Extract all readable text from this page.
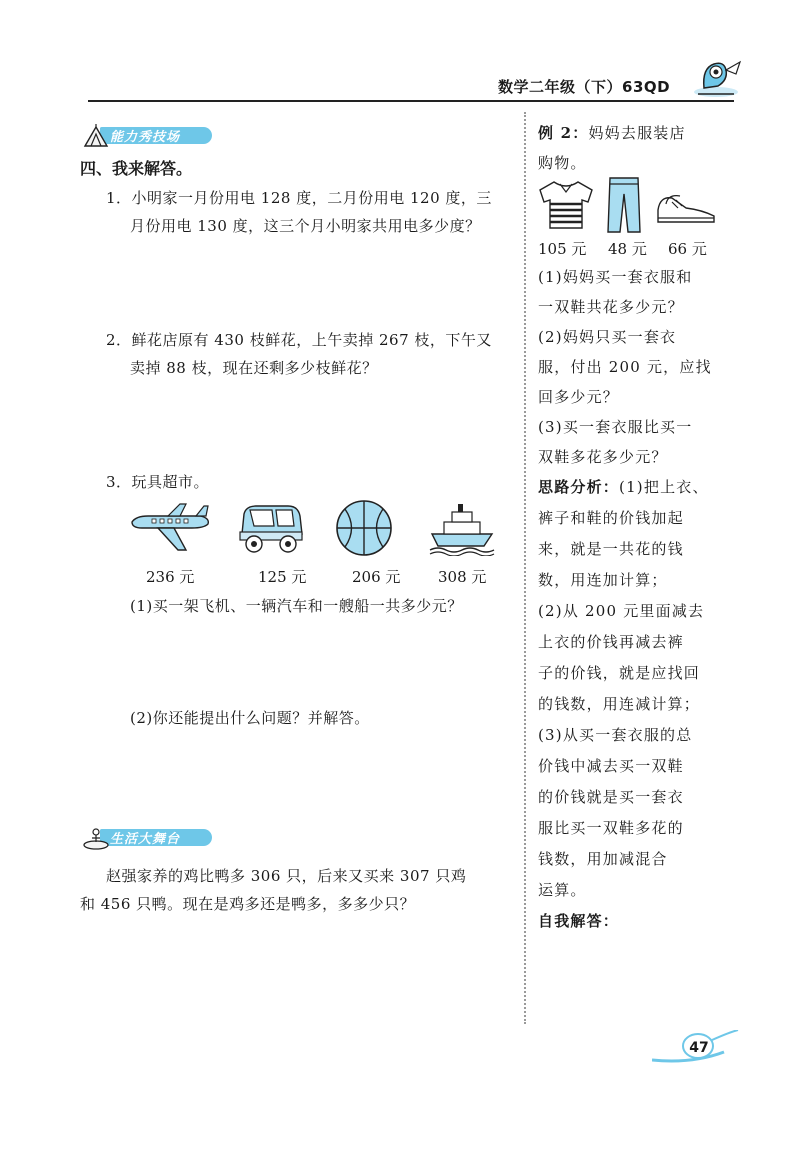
数学二年级（下）63QD
能力秀技场
四、我来解答。
1．小明家一月份用电 128 度，二月份用电 120 度，三
月份用电 130 度，这三个月小明家共用电多少度？
2．鲜花店原有 430 枝鲜花，上午卖掉 267 枝，下午又
卖掉 88 枝，现在还剩多少枝鲜花？
3．玩具超市。
236 元	125 元	206 元	308 元
(1)买一架飞机、一辆汽车和一艘船一共多少元？
(2)你还能提出什么问题？并解答。
生活大舞台
赵强家养的鸡比鸭多 306 只，后来又买来 307 只鸡
和 456 只鸭。现在是鸡多还是鸭多，多多少只？
例 2：妈妈去服装店
购物。
105 元 48 元 66 元
(1)妈妈买一套衣服和
一双鞋共花多少元？
(2)妈妈只买一套衣
服，付出 200 元，应找
回多少元？
(3)买一套衣服比买一
双鞋多花多少元？
思路分析：(1)把上衣、
裤子和鞋的价钱加起
来，就是一共花的钱
数，用连加计算；
(2)从 200 元里面减去
上衣的价钱再减去裤
子的价钱，就是应找回
的钱数，用连减计算；
(3)从买一套衣服的总
价钱中减去买一双鞋
的价钱就是买一套衣
服比买一双鞋多花的
钱数，用加减混合
运算。
自我解答：
47
